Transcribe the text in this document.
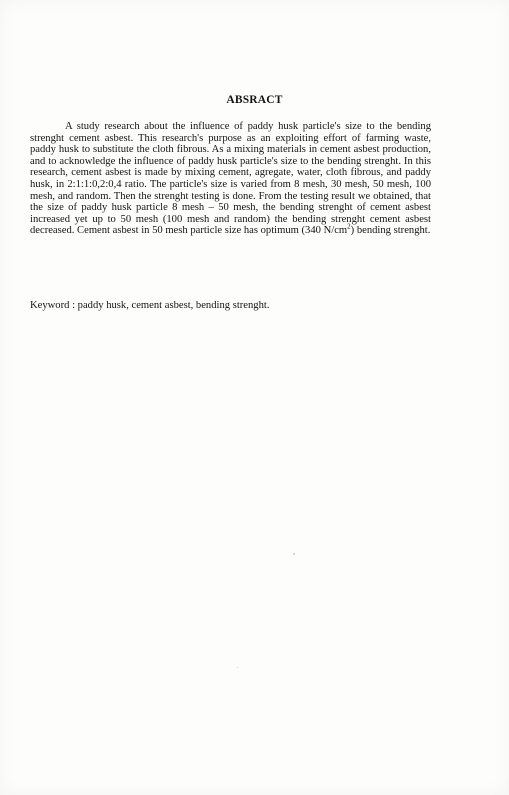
ABSRACT

A study research about the influence of paddy husk particle's size to the bending strenght cement asbest. This research's purpose as an exploiting effort of farming waste, paddy husk to substitute the cloth fibrous. As a mixing materials in cement asbest production, and to acknowledge the influence of paddy husk particle's size to the bending strenght. In this research, cement asbest is made by mixing cement, agregate, water, cloth fibrous, and paddy husk, in 2:1:1:0,2:0,4 ratio. The particle's size is varied from 8 mesh, 30 mesh, 50 mesh, 100 mesh, and random. Then the strenght testing is done. From the testing result we obtained, that the size of paddy husk particle 8 mesh – 50 mesh, the bending strenght of cement asbest increased yet up to 50 mesh (100 mesh and random) the bending strenght cement asbest decreased. Cement asbest in 50 mesh particle size has optimum (340 $N/cm^2$) bending strenght.

Keyword : paddy husk, cement asbest, bending strenght.
